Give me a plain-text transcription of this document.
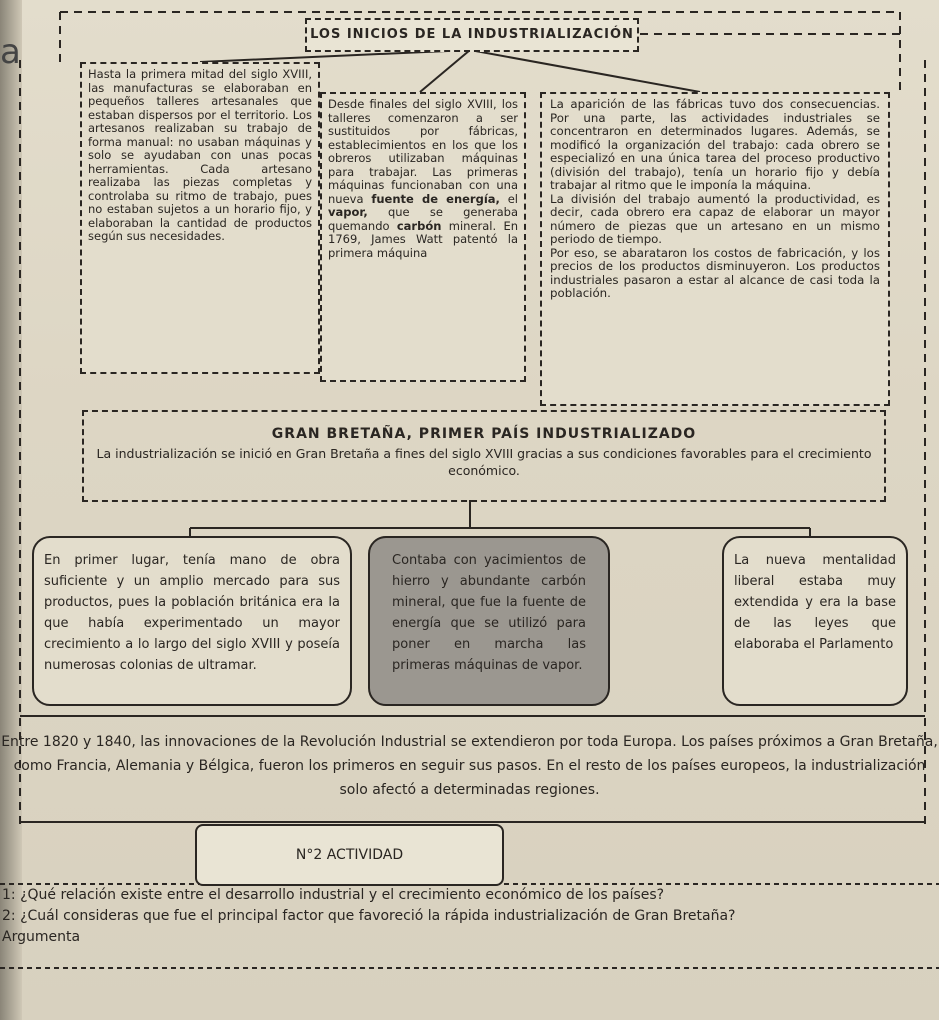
a	LOS INICIOS DE LA INDUSTRIALIZACIÓN
Hasta la primera mitad del siglo XVIII, las manufacturas se elaboraban en pequeños talleres artesanales que estaban dispersos por el territorio. Los artesanos realizaban su trabajo de forma manual: no usaban máquinas y solo se ayudaban con unas pocas herramientas. Cada artesano realizaba las piezas completas y controlaba su ritmo de trabajo, pues no estaban sujetos a un horario fijo, y elaboraban la cantidad de productos según sus necesidades.
Desde finales del siglo XVIII, los talleres comenzaron a ser sustituidos por fábricas, establecimientos en los que los obreros utilizaban máquinas para trabajar. Las primeras máquinas funcionaban con una nueva fuente de energía, el vapor, que se generaba quemando carbón mineral. En 1769, James Watt patentó la primera máquina
La aparición de las fábricas tuvo dos consecuencias. Por una parte, las actividades industriales se concentraron en determinados lugares. Además, se modificó la organización del trabajo: cada obrero se especializó en una única tarea del proceso productivo (división del trabajo), tenía un horario fijo y debía trabajar al ritmo que le imponía la máquina.
La división del trabajo aumentó la productividad, es decir, cada obrero era capaz de elaborar un mayor número de piezas que un artesano en un mismo periodo de tiempo.
Por eso, se abarataron los costos de fabricación, y los precios de los productos disminuyeron. Los productos industriales pasaron a estar al alcance de casi toda la población.
GRAN BRETAÑA, PRIMER PAÍS INDUSTRIALIZADO
La industrialización se inició en Gran Bretaña a fines del siglo XVIII gracias a sus condiciones favorables para el crecimiento económico.
En primer lugar, tenía mano de obra suficiente y un amplio mercado para sus productos, pues la población británica era la que había experimentado un mayor crecimiento a lo largo del siglo XVIII y poseía numerosas colonias de ultramar.
Contaba con yacimientos de hierro y abundante carbón mineral, que fue la fuente de energía que se utilizó para poner en marcha las primeras máquinas de vapor.
La nueva mentalidad liberal estaba muy extendida y era la base de las leyes que elaboraba el Parlamento
Entre 1820 y 1840, las innovaciones de la Revolución Industrial se extendieron por toda Europa. Los países próximos a Gran Bretaña, como Francia, Alemania y Bélgica, fueron los primeros en seguir sus pasos. En el resto de los países europeos, la industrialización solo afectó a determinadas regiones.
N°2 ACTIVIDAD
1: ¿Qué relación existe entre el desarrollo industrial y el crecimiento económico de los países?
2: ¿Cuál consideras que fue el principal factor que favoreció la rápida industrialización de Gran Bretaña?
Argumenta
